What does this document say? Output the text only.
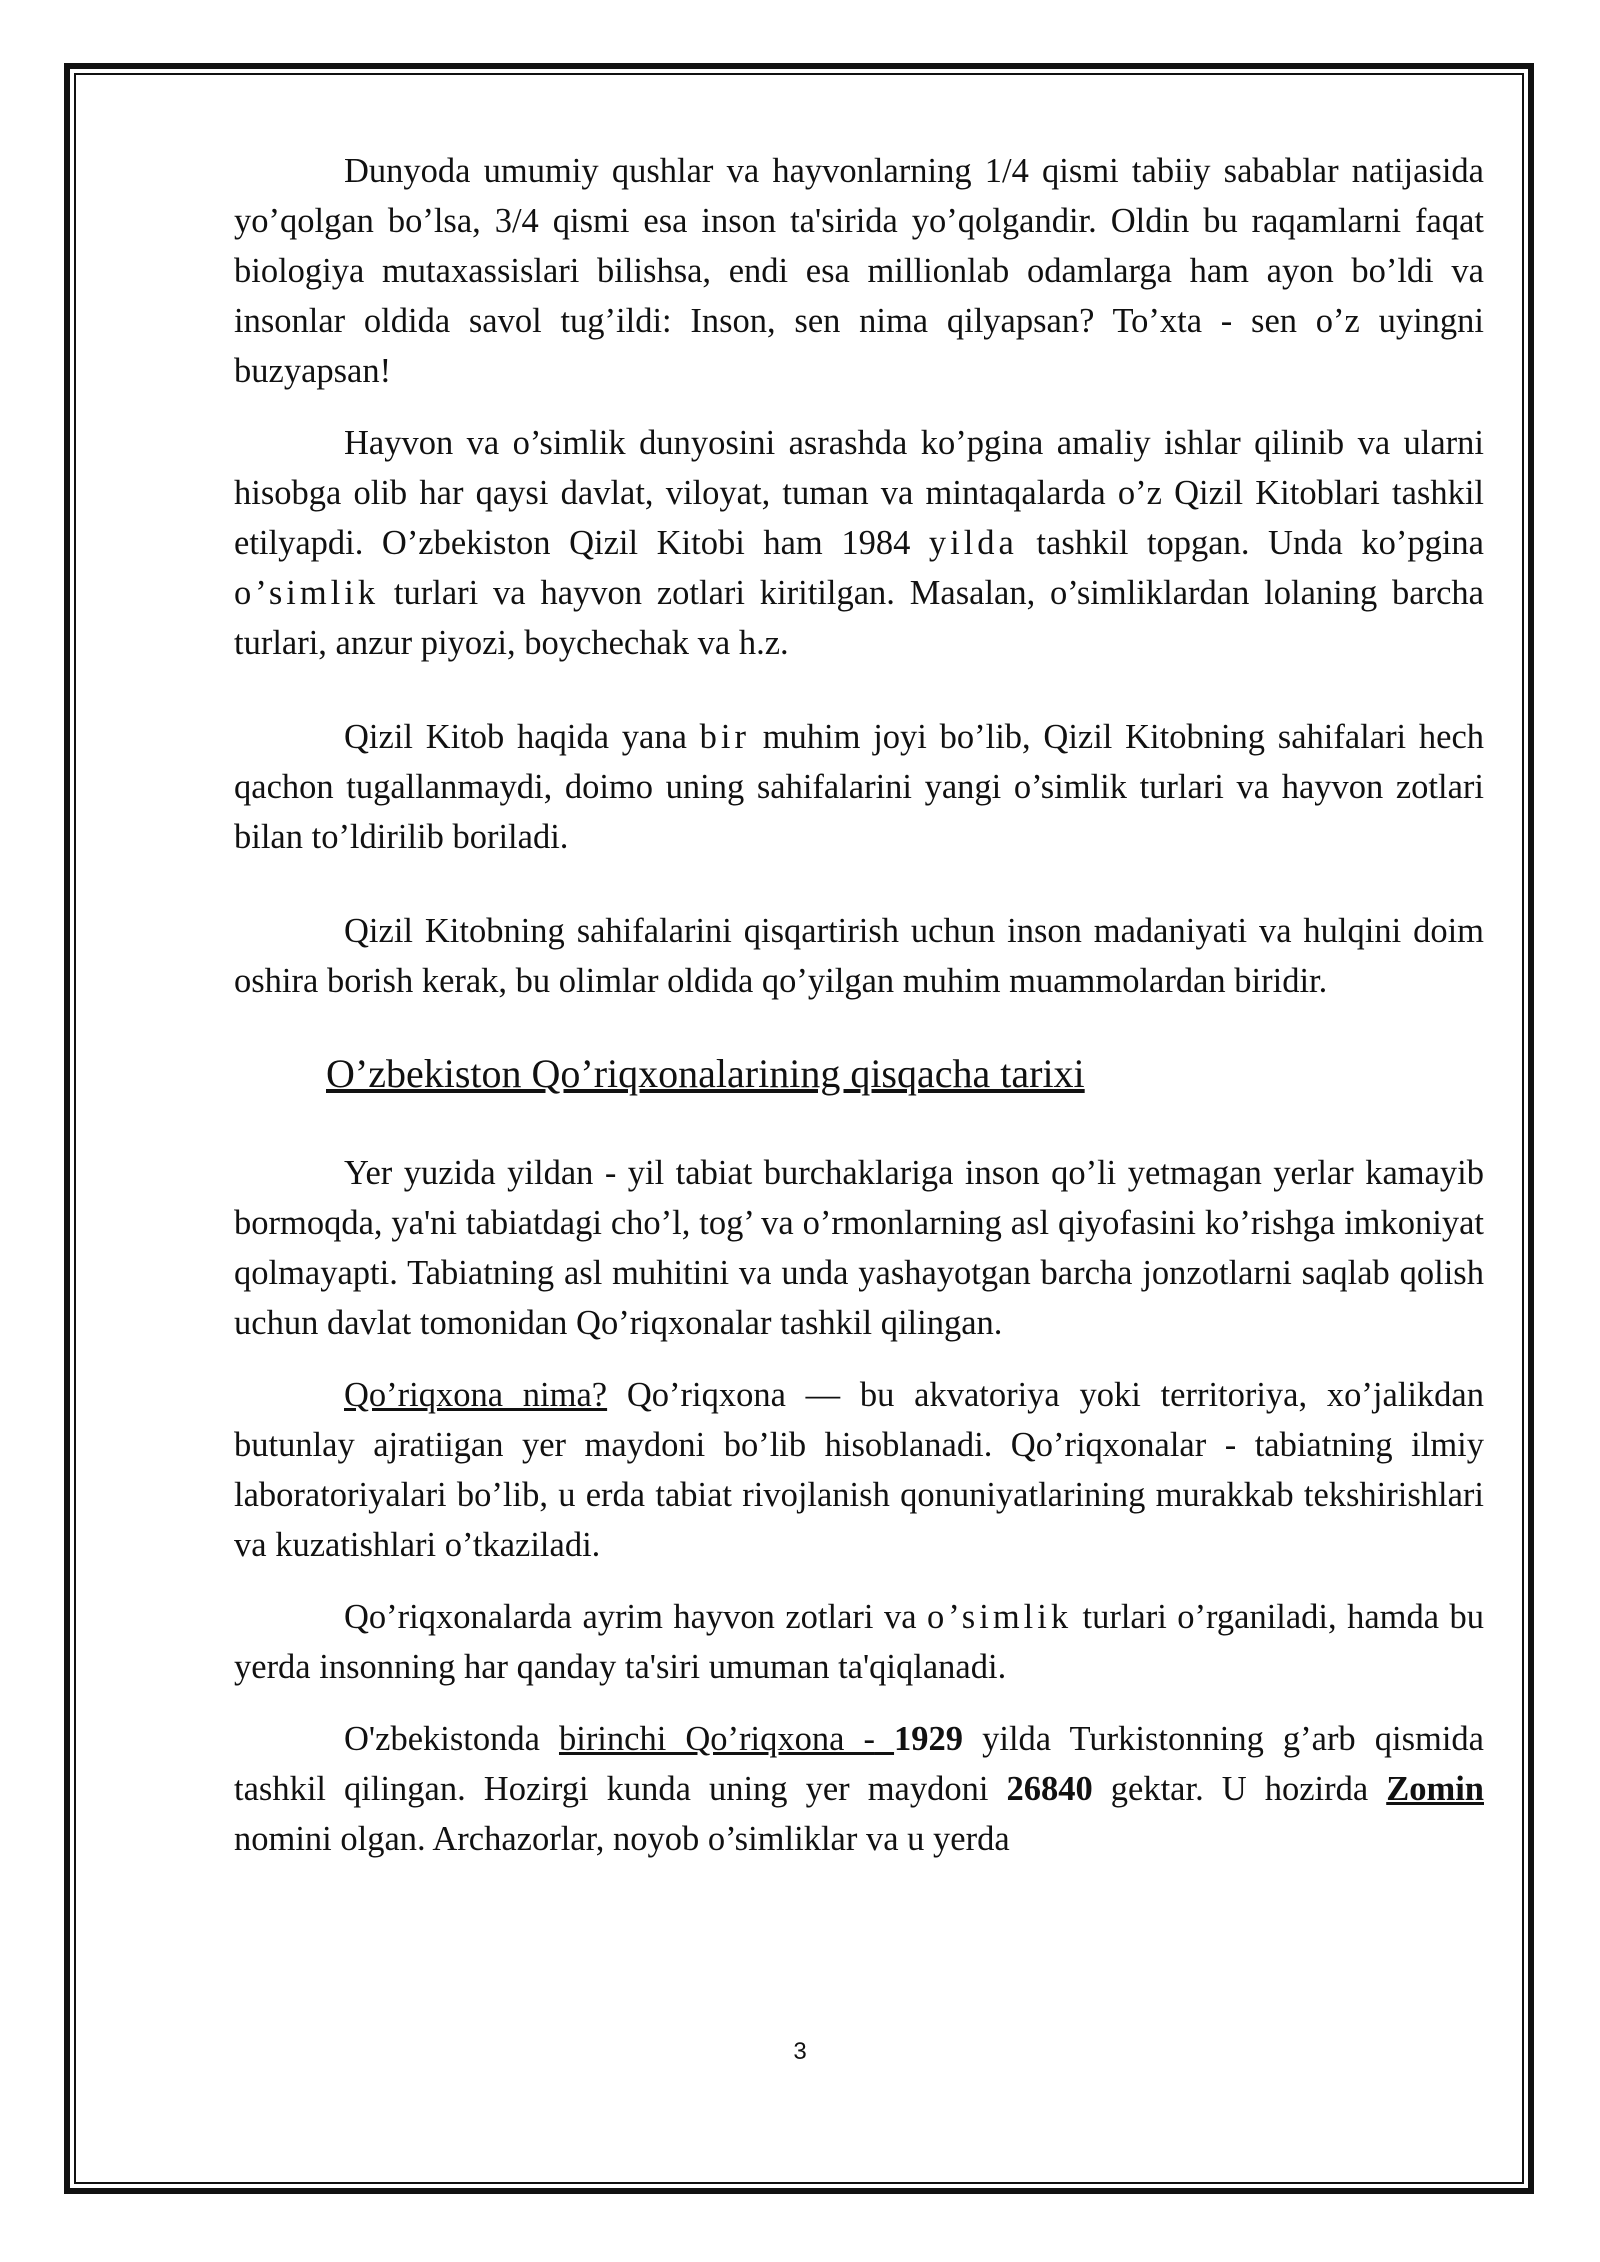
Dunyoda umumiy qushlar va hayvonlarning 1/4 qismi tabiiy sabablar natijasida yo’qolgan bo’lsa, 3/4 qismi esa inson ta'sirida yo’qolgandir. Oldin bu raqamlarni faqat biologiya mutaxassislari bilishsa, endi esa millionlab odamlarga ham ayon bo’ldi va insonlar oldida savol tug’ildi: Inson, sen nima qilyapsan? To’xta - sen o’z uyingni buzyapsan!

Hayvon va o’simlik dunyosini asrashda ko’pgina amaliy ishlar qilinib va ularni hisobga olib har qaysi davlat, viloyat, tuman va mintaqalarda o’z Qizil Kitoblari tashkil etilyapdi. O’zbekiston Qizil Kitobi ham 1984 yilda tashkil topgan. Unda ko’pgina o’simlik turlari va hayvon zotlari kiritilgan. Masalan, o’simliklardan lolaning barcha turlari, anzur piyozi, boychechak va h.z.

Qizil Kitob haqida yana bir muhim joyi bo’lib, Qizil Kitobning sahifalari hech qachon tugallanmaydi, doimo uning sahifalarini yangi o’simlik turlari va hayvon zotlari bilan to’ldirilib boriladi.

Qizil Kitobning sahifalarini qisqartirish uchun inson madaniyati va hulqini doim oshira borish kerak, bu olimlar oldida qo’yilgan muhim muammolardan biridir.

O’zbekiston Qo’riqxonalarining qisqacha tarixi

Yer yuzida yildan - yil tabiat burchaklariga inson qo’li yetmagan yerlar kamayib bormoqda, ya'ni tabiatdagi cho’l, tog’ va o’rmonlarning asl qiyofasini ko’rishga imkoniyat qolmayapti. Tabiatning asl muhitini va unda yashayotgan barcha jonzotlarni saqlab qolish uchun davlat tomonidan Qo’riqxonalar tashkil qilingan.

Qo’riqxona nima? Qo’riqxona — bu akvatoriya yoki territoriya, xo’jalikdan butunlay ajratiigan yer maydoni bo’lib hisoblanadi. Qo’riqxonalar - tabiatning ilmiy laboratoriyalari bo’lib, u erda tabiat rivojlanish qonuniyatlarining murakkab tekshirishlari va kuzatishlari o’tkaziladi.

Qo’riqxonalarda ayrim hayvon zotlari va o’simlik turlari o’rganiladi, hamda bu yerda insonning har qanday ta'siri umuman ta'qiqlanadi.

O'zbekistonda birinchi Qo’riqxona - 1929 yilda Turkistonning g’arb qismida tashkil qilingan. Hozirgi kunda uning yer maydoni 26840 gektar. U hozirda Zomin nomini olgan. Archazorlar, noyob o’simliklar va u yerda

3
